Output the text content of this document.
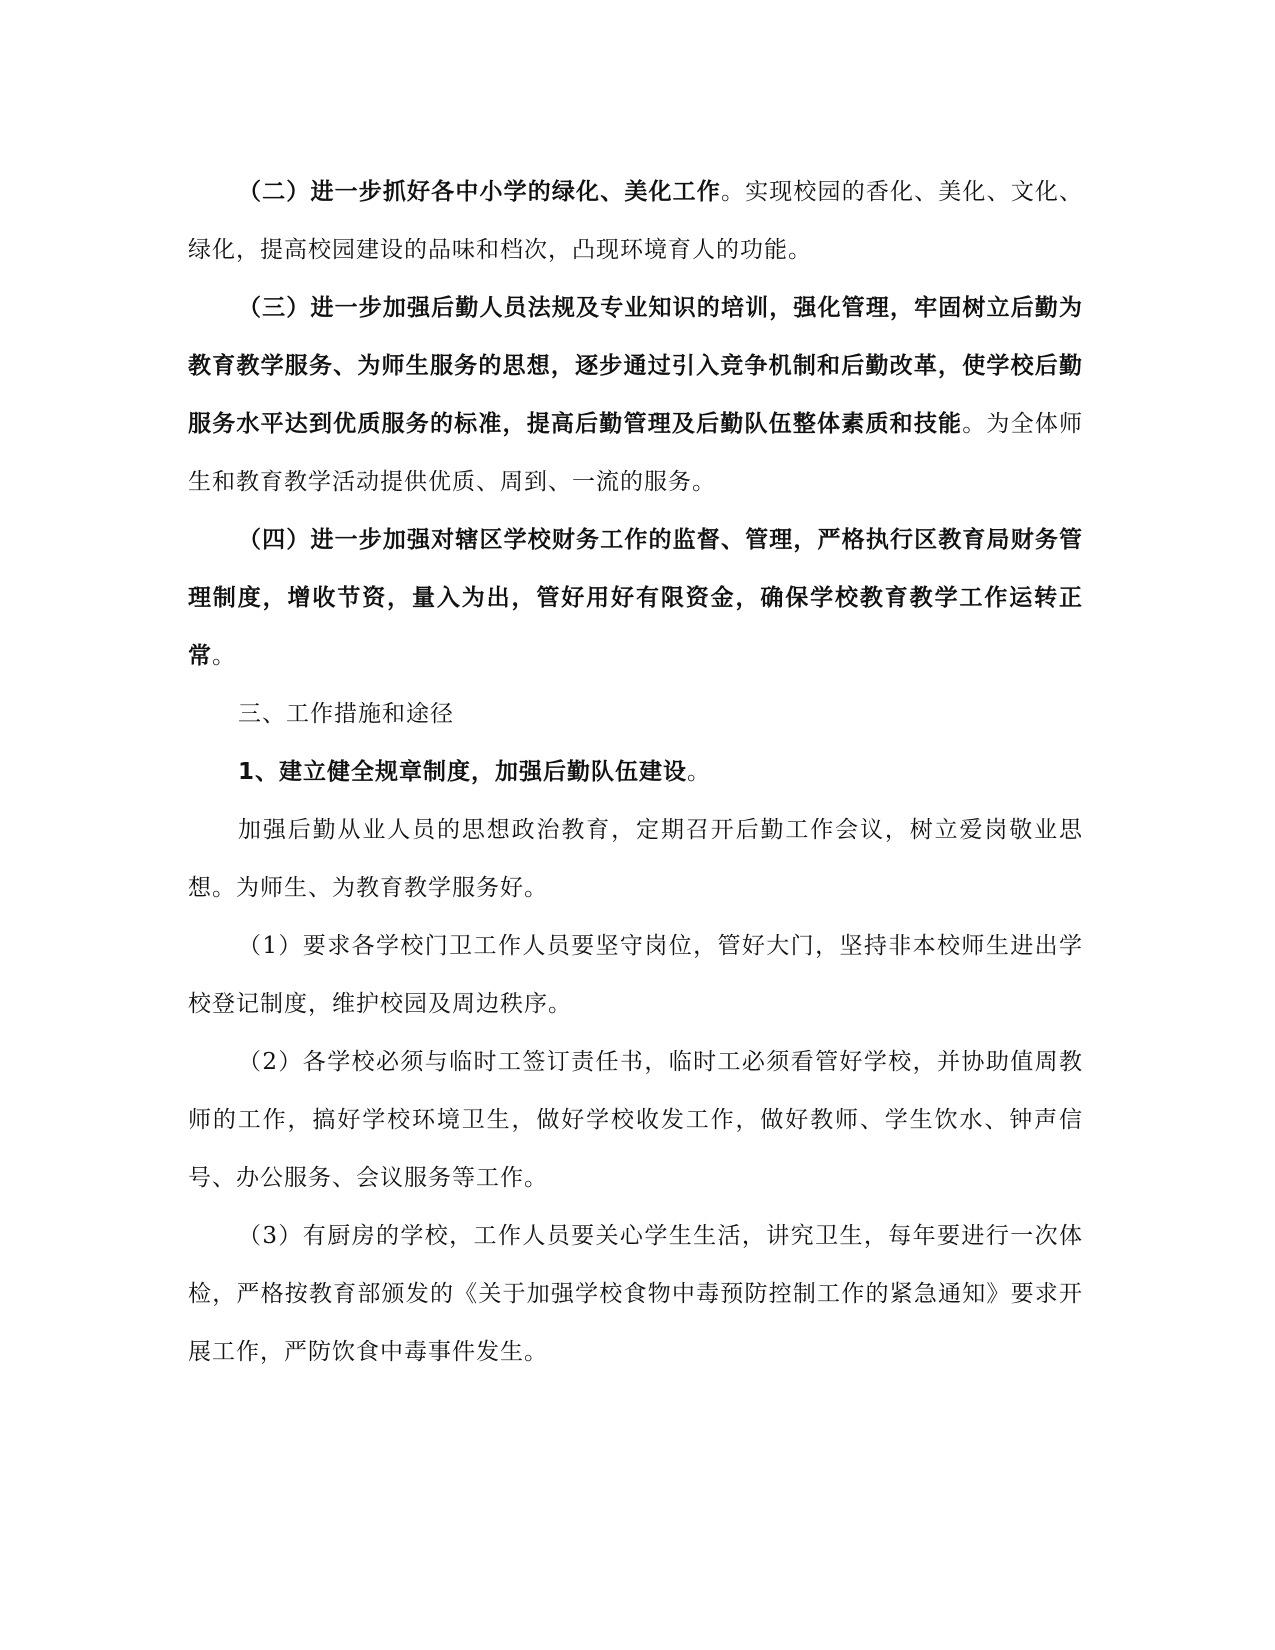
（二）进一步抓好各中小学的绿化、美化工作。实现校园的香化、美化、文化、绿化，提高校园建设的品味和档次，凸现环境育人的功能。

（三）进一步加强后勤人员法规及专业知识的培训，强化管理，牢固树立后勤为教育教学服务、为师生服务的思想，逐步通过引入竞争机制和后勤改革，使学校后勤服务水平达到优质服务的标准，提高后勤管理及后勤队伍整体素质和技能。为全体师生和教育教学活动提供优质、周到、一流的服务。

（四）进一步加强对辖区学校财务工作的监督、管理，严格执行区教育局财务管理制度，增收节资，量入为出，管好用好有限资金，确保学校教育教学工作运转正常。

三、工作措施和途径

1、建立健全规章制度，加强后勤队伍建设。

加强后勤从业人员的思想政治教育，定期召开后勤工作会议，树立爱岗敬业思想。为师生、为教育教学服务好。

（1）要求各学校门卫工作人员要坚守岗位，管好大门，坚持非本校师生进出学校登记制度，维护校园及周边秩序。

（2）各学校必须与临时工签订责任书，临时工必须看管好学校，并协助值周教师的工作，搞好学校环境卫生，做好学校收发工作，做好教师、学生饮水、钟声信号、办公服务、会议服务等工作。

（3）有厨房的学校，工作人员要关心学生生活，讲究卫生，每年要进行一次体检，严格按教育部颁发的《关于加强学校食物中毒预防控制工作的紧急通知》要求开展工作，严防饮食中毒事件发生。
